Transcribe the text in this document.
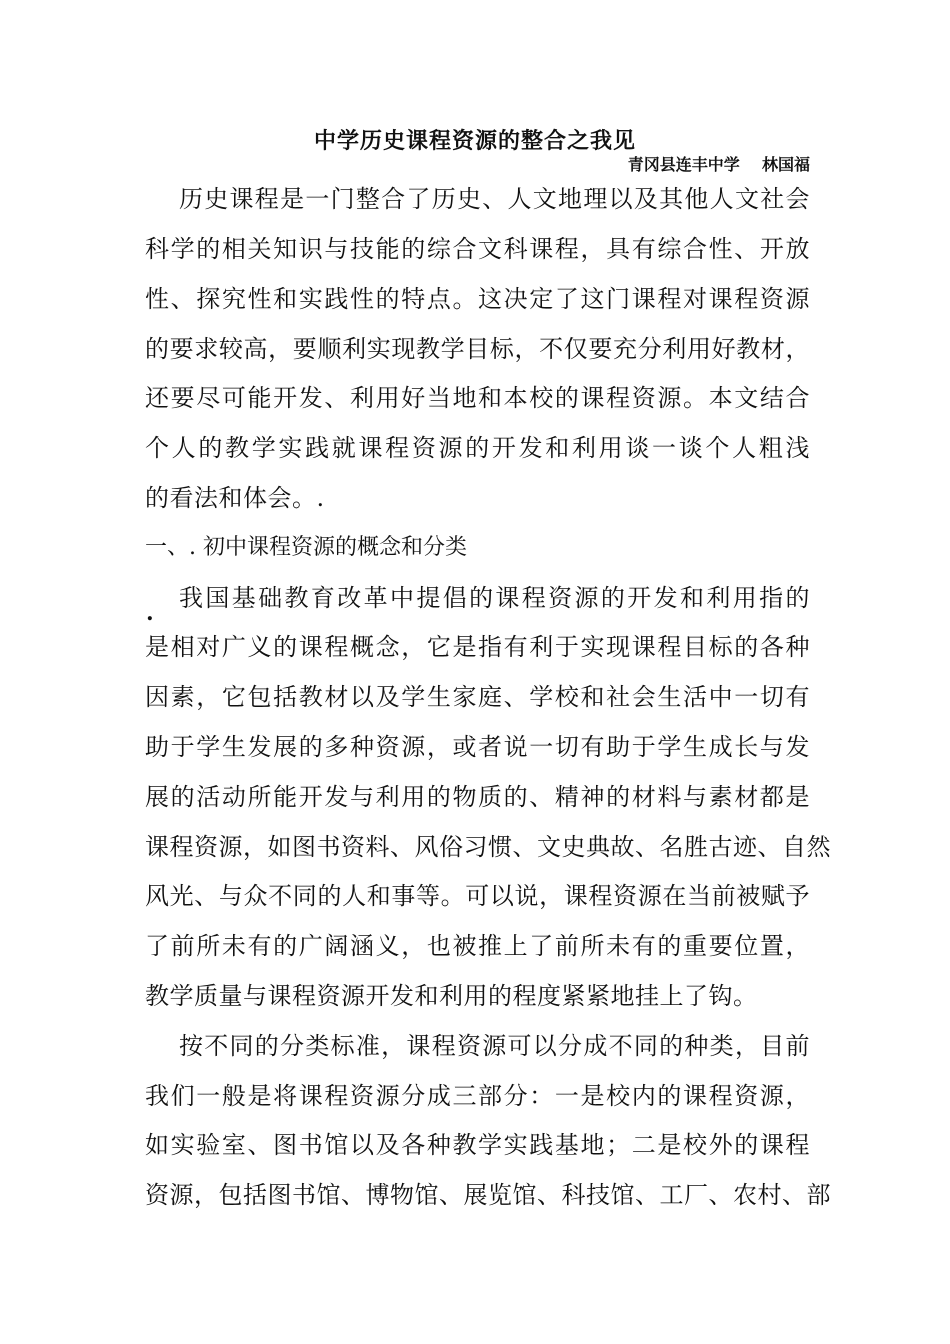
中学历史课程资源的整合之我见
青冈县连丰中学    林国福
历史课程是一门整合了历史、人文地理以及其他人文社会
科学的相关知识与技能的综合文科课程，具有综合性、开放
性、探究性和实践性的特点。这决定了这门课程对课程资源
的要求较高，要顺利实现教学目标，不仅要充分利用好教材，
还要尽可能开发、利用好当地和本校的课程资源。本文结合
个人的教学实践就课程资源的开发和利用谈一谈个人粗浅
的看法和体会。.
一、. 初中课程资源的概念和分类
.
我国基础教育改革中提倡的课程资源的开发和利用指的
是相对广义的课程概念，它是指有利于实现课程目标的各种
因素，它包括教材以及学生家庭、学校和社会生活中一切有
助于学生发展的多种资源，或者说一切有助于学生成长与发
展的活动所能开发与利用的物质的、精神的材料与素材都是
课程资源，如图书资料、风俗习惯、文史典故、名胜古迹、自然
风光、与众不同的人和事等。可以说，课程资源在当前被赋予
了前所未有的广阔涵义，也被推上了前所未有的重要位置，
教学质量与课程资源开发和利用的程度紧紧地挂上了钩。
按不同的分类标准，课程资源可以分成不同的种类，目前
我们一般是将课程资源分成三部分：一是校内的课程资源，
如实验室、图书馆以及各种教学实践基地；二是校外的课程
资源，包括图书馆、博物馆、展览馆、科技馆、工厂、农村、部
